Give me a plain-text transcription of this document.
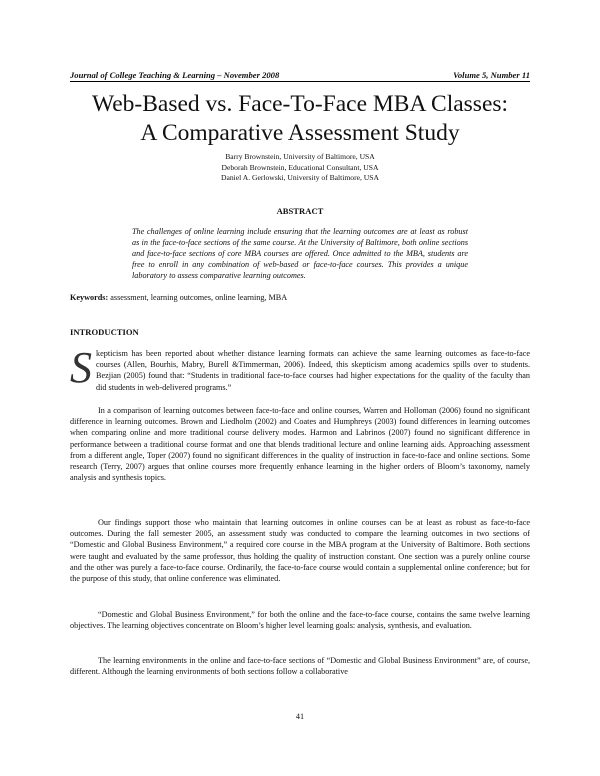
Journal of College Teaching & Learning – November 2008	Volume 5, Number 11
Web-Based vs. Face-To-Face MBA Classes:
A Comparative Assessment Study
Barry Brownstein, University of Baltimore, USA
Deborah Brownstein, Educational Consultant, USA
Daniel A. Gerlowski, University of Baltimore, USA
ABSTRACT
The challenges of online learning include ensuring that the learning outcomes are at least as robust as in the face-to-face sections of the same course. At the University of Baltimore, both online sections and face-to-face sections of core MBA courses are offered. Once admitted to the MBA, students are free to enroll in any combination of web-based or face-to-face courses. This provides a unique laboratory to assess comparative learning outcomes.
Keywords: assessment, learning outcomes, online learning, MBA
INTRODUCTION
S kepticism has been reported about whether distance learning formats can achieve the same learning outcomes as face-to-face courses (Allen, Bourhis, Mabry, Burell &Timmerman, 2006). Indeed, this skepticism among academics spills over to students. Bezjian (2005) found that: “Students in traditional face-to-face courses had higher expectations for the quality of the faculty than did students in web-delivered programs.”
In a comparison of learning outcomes between face-to-face and online courses, Warren and Holloman (2006) found no significant difference in learning outcomes. Brown and Liedholm (2002) and Coates and Humphreys (2003) found differences in learning outcomes when comparing online and more traditional course delivery modes. Harmon and Labrinos (2007) found no significant difference in performance between a traditional course format and one that blends traditional lecture and online learning aids. Approaching assessment from a different angle, Toper (2007) found no significant differences in the quality of instruction in face-to-face and online sections. Some research (Terry, 2007) argues that online courses more frequently enhance learning in the higher orders of Bloom’s taxonomy, namely analysis and synthesis topics.
Our findings support those who maintain that learning outcomes in online courses can be at least as robust as face-to-face outcomes. During the fall semester 2005, an assessment study was conducted to compare the learning outcomes in two sections of “Domestic and Global Business Environment,” a required core course in the MBA program at the University of Baltimore. Both sections were taught and evaluated by the same professor, thus holding the quality of instruction constant. One section was a purely online course and the other was purely a face-to-face course. Ordinarily, the face-to-face course would contain a supplemental online conference; but for the purpose of this study, that online conference was eliminated.
“Domestic and Global Business Environment,” for both the online and the face-to-face course, contains the same twelve learning objectives. The learning objectives concentrate on Bloom’s higher level learning goals: analysis, synthesis, and evaluation.
The learning environments in the online and face-to-face sections of “Domestic and Global Business Environment” are, of course, different. Although the learning environments of both sections follow a collaborative
41
